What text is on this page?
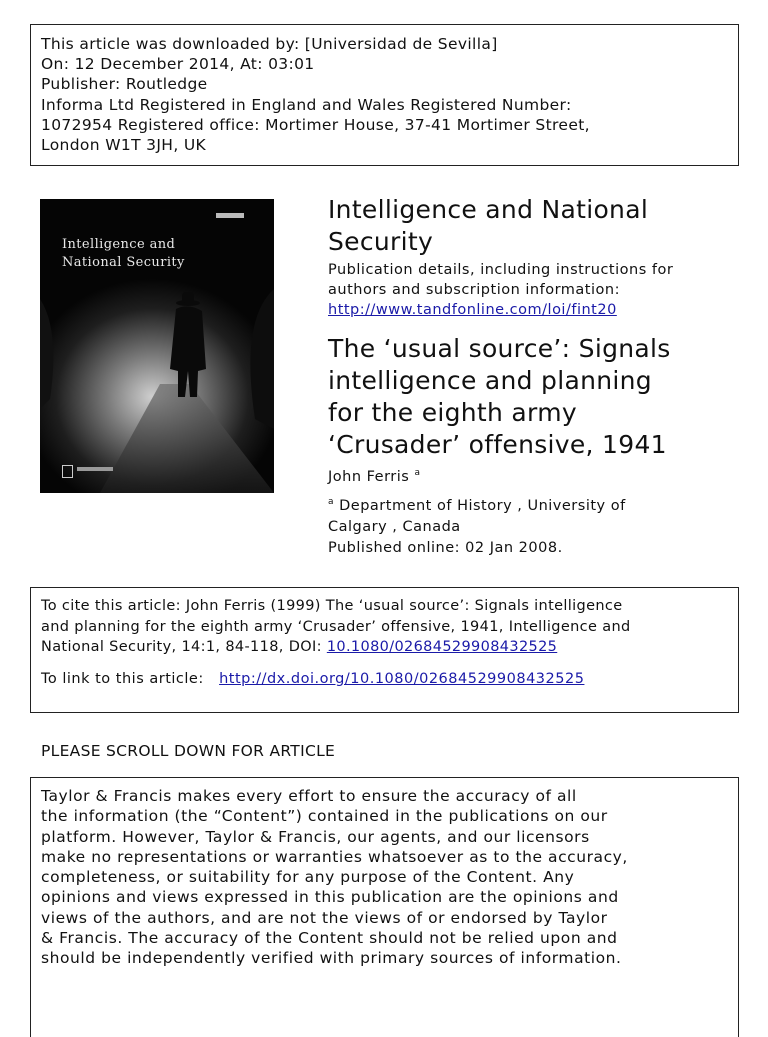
This article was downloaded by: [Universidad de Sevilla]
On: 12 December 2014, At: 03:01
Publisher: Routledge
Informa Ltd Registered in England and Wales Registered Number:
1072954 Registered office: Mortimer House, 37-41 Mortimer Street,
London W1T 3JH, UK
Intelligence and
National Security
Intelligence and National
Security
Publication details, including instructions for
authors and subscription information:
http://www.tandfonline.com/loi/fint20
The ‘usual source’: Signals
intelligence and planning
for the eighth army
‘Crusader’ offensive, 1941
John Ferris $^a$
$^a$ Department of History , University of
Calgary , Canada
Published online: 02 Jan 2008.
To cite this article: John Ferris (1999) The ‘usual source’: Signals intelligence
and planning for the eighth army ‘Crusader’ offensive, 1941, Intelligence and
National Security, 14:1, 84-118, DOI: 10.1080/02684529908432525
To link to this article: http://dx.doi.org/10.1080/02684529908432525
PLEASE SCROLL DOWN FOR ARTICLE
Taylor & Francis makes every effort to ensure the accuracy of all
the information (the “Content”) contained in the publications on our
platform. However, Taylor & Francis, our agents, and our licensors
make no representations or warranties whatsoever as to the accuracy,
completeness, or suitability for any purpose of the Content. Any
opinions and views expressed in this publication are the opinions and
views of the authors, and are not the views of or endorsed by Taylor
& Francis. The accuracy of the Content should not be relied upon and
should be independently verified with primary sources of information.
